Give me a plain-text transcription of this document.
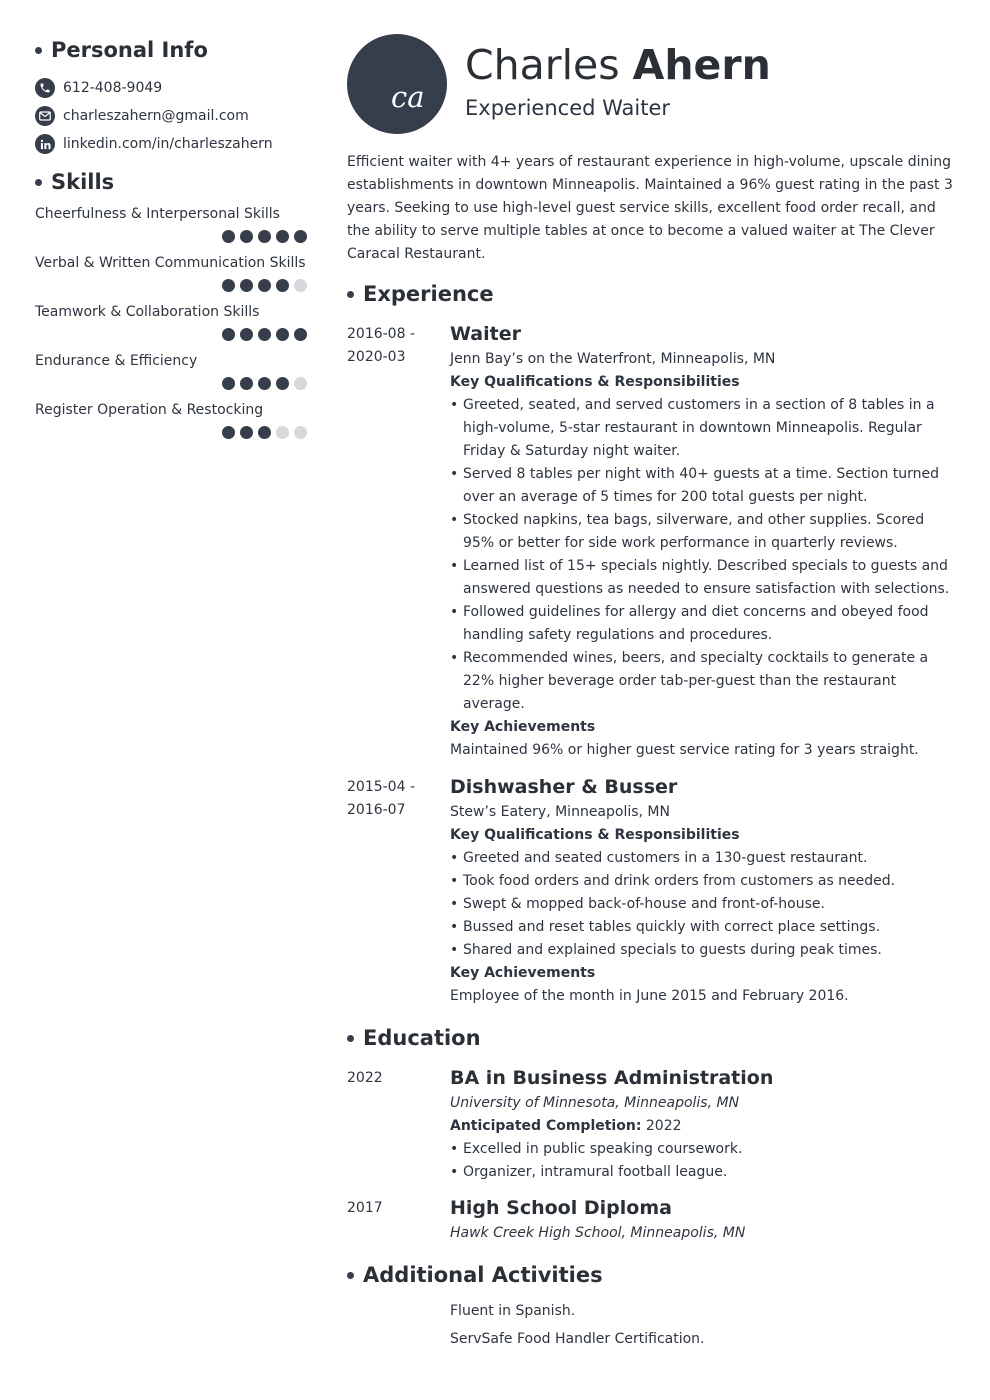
Personal Info
612-408-9049
charleszahern@gmail.com
linkedin.com/in/charleszahern
Skills
Cheerfulness & Interpersonal Skills
Verbal & Written Communication Skills
Teamwork & Collaboration Skills
Endurance & Efficiency
Register Operation & Restocking
ca
Charles Ahern
Experienced Waiter
Efficient waiter with 4+ years of restaurant experience in high-volume, upscale dining establishments in downtown Minneapolis. Maintained a 96% guest rating in the past 3 years. Seeking to use high-level guest service skills, excellent food order recall, and the ability to serve multiple tables at once to become a valued waiter at The Clever Caracal Restaurant.
Experience
2016-08 -
2020-03
Waiter
Jenn Bay’s on the Waterfront, Minneapolis, MN
Key Qualifications & Responsibilities
• Greeted, seated, and served customers in a section of 8 tables in a high-volume, 5-star restaurant in downtown Minneapolis. Regular Friday & Saturday night waiter.
• Served 8 tables per night with 40+ guests at a time. Section turned over an average of 5 times for 200 total guests per night.
• Stocked napkins, tea bags, silverware, and other supplies. Scored 95% or better for side work performance in quarterly reviews.
• Learned list of 15+ specials nightly. Described specials to guests and answered questions as needed to ensure satisfaction with selections.
• Followed guidelines for allergy and diet concerns and obeyed food handling safety regulations and procedures.
• Recommended wines, beers, and specialty cocktails to generate a 22% higher beverage order tab-per-guest than the restaurant average.
Key Achievements
Maintained 96% or higher guest service rating for 3 years straight.
2015-04 -
2016-07
Dishwasher & Busser
Stew’s Eatery, Minneapolis, MN
Key Qualifications & Responsibilities
• Greeted and seated customers in a 130-guest restaurant.
• Took food orders and drink orders from customers as needed.
• Swept & mopped back-of-house and front-of-house.
• Bussed and reset tables quickly with correct place settings.
• Shared and explained specials to guests during peak times.
Key Achievements
Employee of the month in June 2015 and February 2016.
Education
2022	BA in Business Administration
University of Minnesota, Minneapolis, MN
Anticipated Completion: 2022
• Excelled in public speaking coursework.
• Organizer, intramural football league.
2017	High School Diploma
Hawk Creek High School, Minneapolis, MN
Additional Activities
Fluent in Spanish.
ServSafe Food Handler Certification.
